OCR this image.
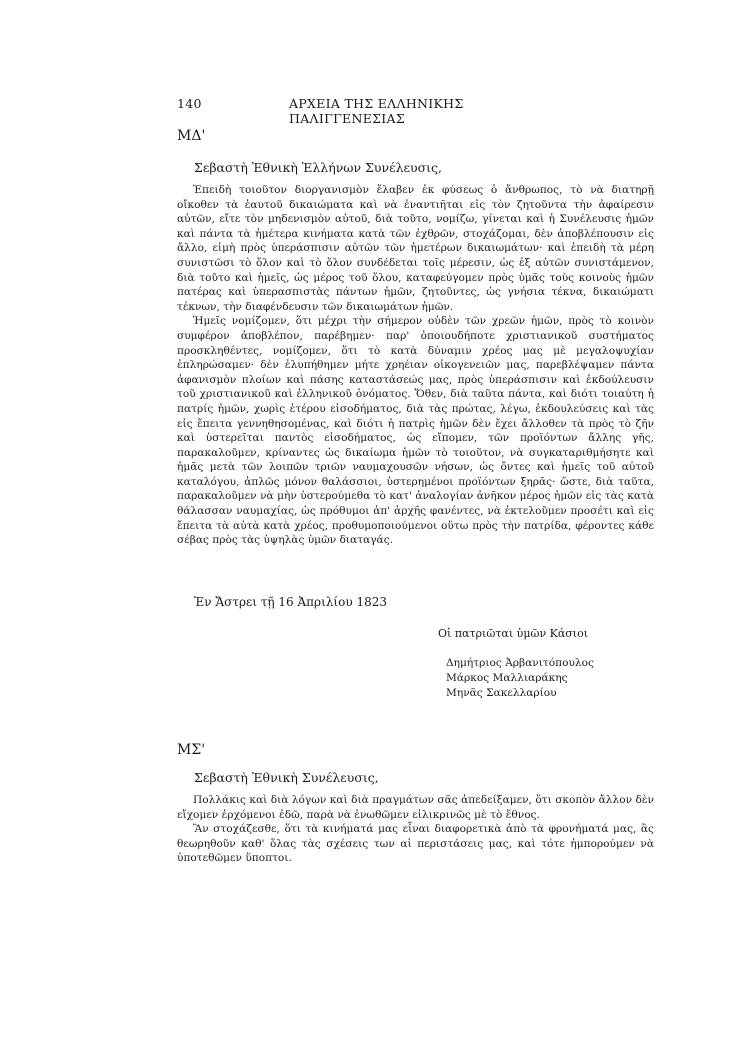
140	ΑΡΧΕΙΑ ΤΗΣ ΕΛΛΗΝΙΚΗΣ ΠΑΛΙΓΓΕΝΕΣΙΑΣ
ΜΔ'
Σεβαστὴ Ἐθνικὴ Ἑλλήνων Συνέλευσις,

Ἐπειδὴ τοιοῦτον διοργανισμὸν ἔλαβεν ἐκ φύσεως ὁ ἄνθρωπος, τὸ νὰ διατηρῇ οἴκοθεν τὰ ἑαυτοῦ δικαιώματα καὶ νὰ ἐναντιῆται εἰς τὸν ζητοῦντα τὴν ἀφαίρεσιν αὐτῶν, εἴτε τὸν μηδενισμὸν αὐτοῦ, διὰ τοῦτο, νομίζω, γίνεται καὶ ἡ Συνέλευσις ἡμῶν καὶ πάντα τὰ ἡμέτερα κινήματα κατὰ τῶν ἐχθρῶν, στοχάζομαι, δὲν ἀποβλέπουσιν εἰς ἄλλο, εἰμὴ πρὸς ὑπεράσπισιν αὐτῶν τῶν ἡμετέρων δικαιωμάτων· καὶ ἐπειδὴ τὰ μέρη συνιστῶσι τὸ ὅλον καὶ τὸ ὅλον συνδέδεται τοῖς μέρεσιν, ὡς ἐξ αὐτῶν συνιστάμενον, διὰ τοῦτο καὶ ἡμεῖς, ὡς μέρος τοῦ ὅλου, καταφεύγομεν πρὸς ὑμᾶς τοὺς κοινοὺς ἡμῶν πατέρας καὶ ὑπερασπιστὰς πάντων ἡμῶν, ζητοῦντες, ὡς γνήσια τέκνα, δικαιώματι τέκνων, τὴν διαφένδευσιν τῶν δικαιωμάτων ἡμῶν.

Ἡμεῖς νομίζομεν, ὅτι μέχρι τὴν σήμερον οὐδὲν τῶν χρεῶν ἡμῶν, πρὸς τὸ κοινὸν συμφέρον ἀποβλέπον, παρέβημεν· παρ' ὁποιουδήποτε χριστιανικοῦ συστήματος προσκληθέντες, νομίζομεν, ὅτι τὸ κατὰ δύναμιν χρέος μας μὲ μεγαλοψυχίαν ἐπληρώσαμεν· δὲν ἐλυπήθημεν μήτε χρηέιαν οἰκογενειῶν μας, παρεβλέψαμεν πάντα ἀφανισμὸν πλοίων καὶ πάσης καταστάσεώς μας, πρὸς ὑπεράσπισιν καὶ ἐκδούλευσιν τοῦ χριστιανικοῦ καὶ ἑλληνικοῦ ὀνόματος. Ὅθεν, διὰ ταῦτα πάντα, καὶ διότι τοιαύτη ἡ πατρίς ἡμῶν, χωρὶς ἑτέρου εἰσοδήματος, διὰ τὰς πρώτας, λέγω, ἐκδουλεύσεις καὶ τὰς εἰς ἔπειτα γεννηθησομένας, καὶ διότι ἡ πατρὶς ἡμῶν δὲν ἔχει ἄλλοθεν τὰ πρὸς τὸ ζῆν καὶ ὑστερεῖται παντὸς εἰσοδήματος, ὡς εἴπομεν, τῶν προϊόντων ἄλλης γῆς, παρακαλοῦμεν, κρίναντες ὡς δικαίωμα ἡμῶν τὸ τοιοῦτον, νὰ συγκαταριθμήσητε καὶ ἡμᾶς μετὰ τῶν λοιπῶν τριῶν ναυμαχουσῶν νήσων, ὡς ὄντες καὶ ἡμεῖς τοῦ αὐτοῦ καταλόγου, ἁπλῶς μόνον θαλάσσιοι, ὑστερημένοι προϊόντων ξηρᾶς· ὥστε, διὰ ταῦτα, παρακαλοῦμεν νὰ μὴν ὑστερούμεθα τὸ κατ' ἀναλογίαν ἀνῆκον μέρος ἡμῶν εἰς τὰς κατὰ θάλασσαν ναυμαχίας, ὡς πρόθυμοι ἀπ' ἀρχῆς φανέντες, νὰ ἐκτελοῦμεν προσέτι καὶ εἰς ἔπειτα τὰ αὐτὰ κατὰ χρέος, προθυμοποιούμενοι οὕτω πρὸς τὴν πατρίδα, φέροντες κάθε σέβας πρὸς τὰς ὑψηλὰς ὑμῶν διαταγάς.

Ἐν Ἄστρει τῇ 16 Ἀπριλίου 1823
Οἱ πατριῶται ὑμῶν Κάσιοι
Δημήτριος Ἀρβανιτόπουλος
Μάρκος Μαλλιαράκης
Μηνᾶς Σακελλαρίου
ΜΣ'
Σεβαστὴ Ἐθνικὴ Συνέλευσις,

Πολλάκις καὶ διὰ λόγων καὶ διὰ πραγμάτων σᾶς ἀπεδείξαμεν, ὅτι σκοπὸν ἄλλον δὲν εἴχομεν ἐρχόμενοι ἐδῶ, παρὰ νὰ ἑνωθῶμεν εἰλικρινῶς μὲ τὸ ἔθνος.

Ἂν στοχάζεσθε, ὅτι τὰ κινήματά μας εἶναι διαφορετικὰ ἀπὸ τὰ φρονήματά μας, ἂς θεωρηθοῦν καθ' ὅλας τὰς σχέσεις των αἱ περιστάσεις μας, καὶ τότε ἠμπορούμεν νὰ ὑποτεθῶμεν ὕποπτοι.
